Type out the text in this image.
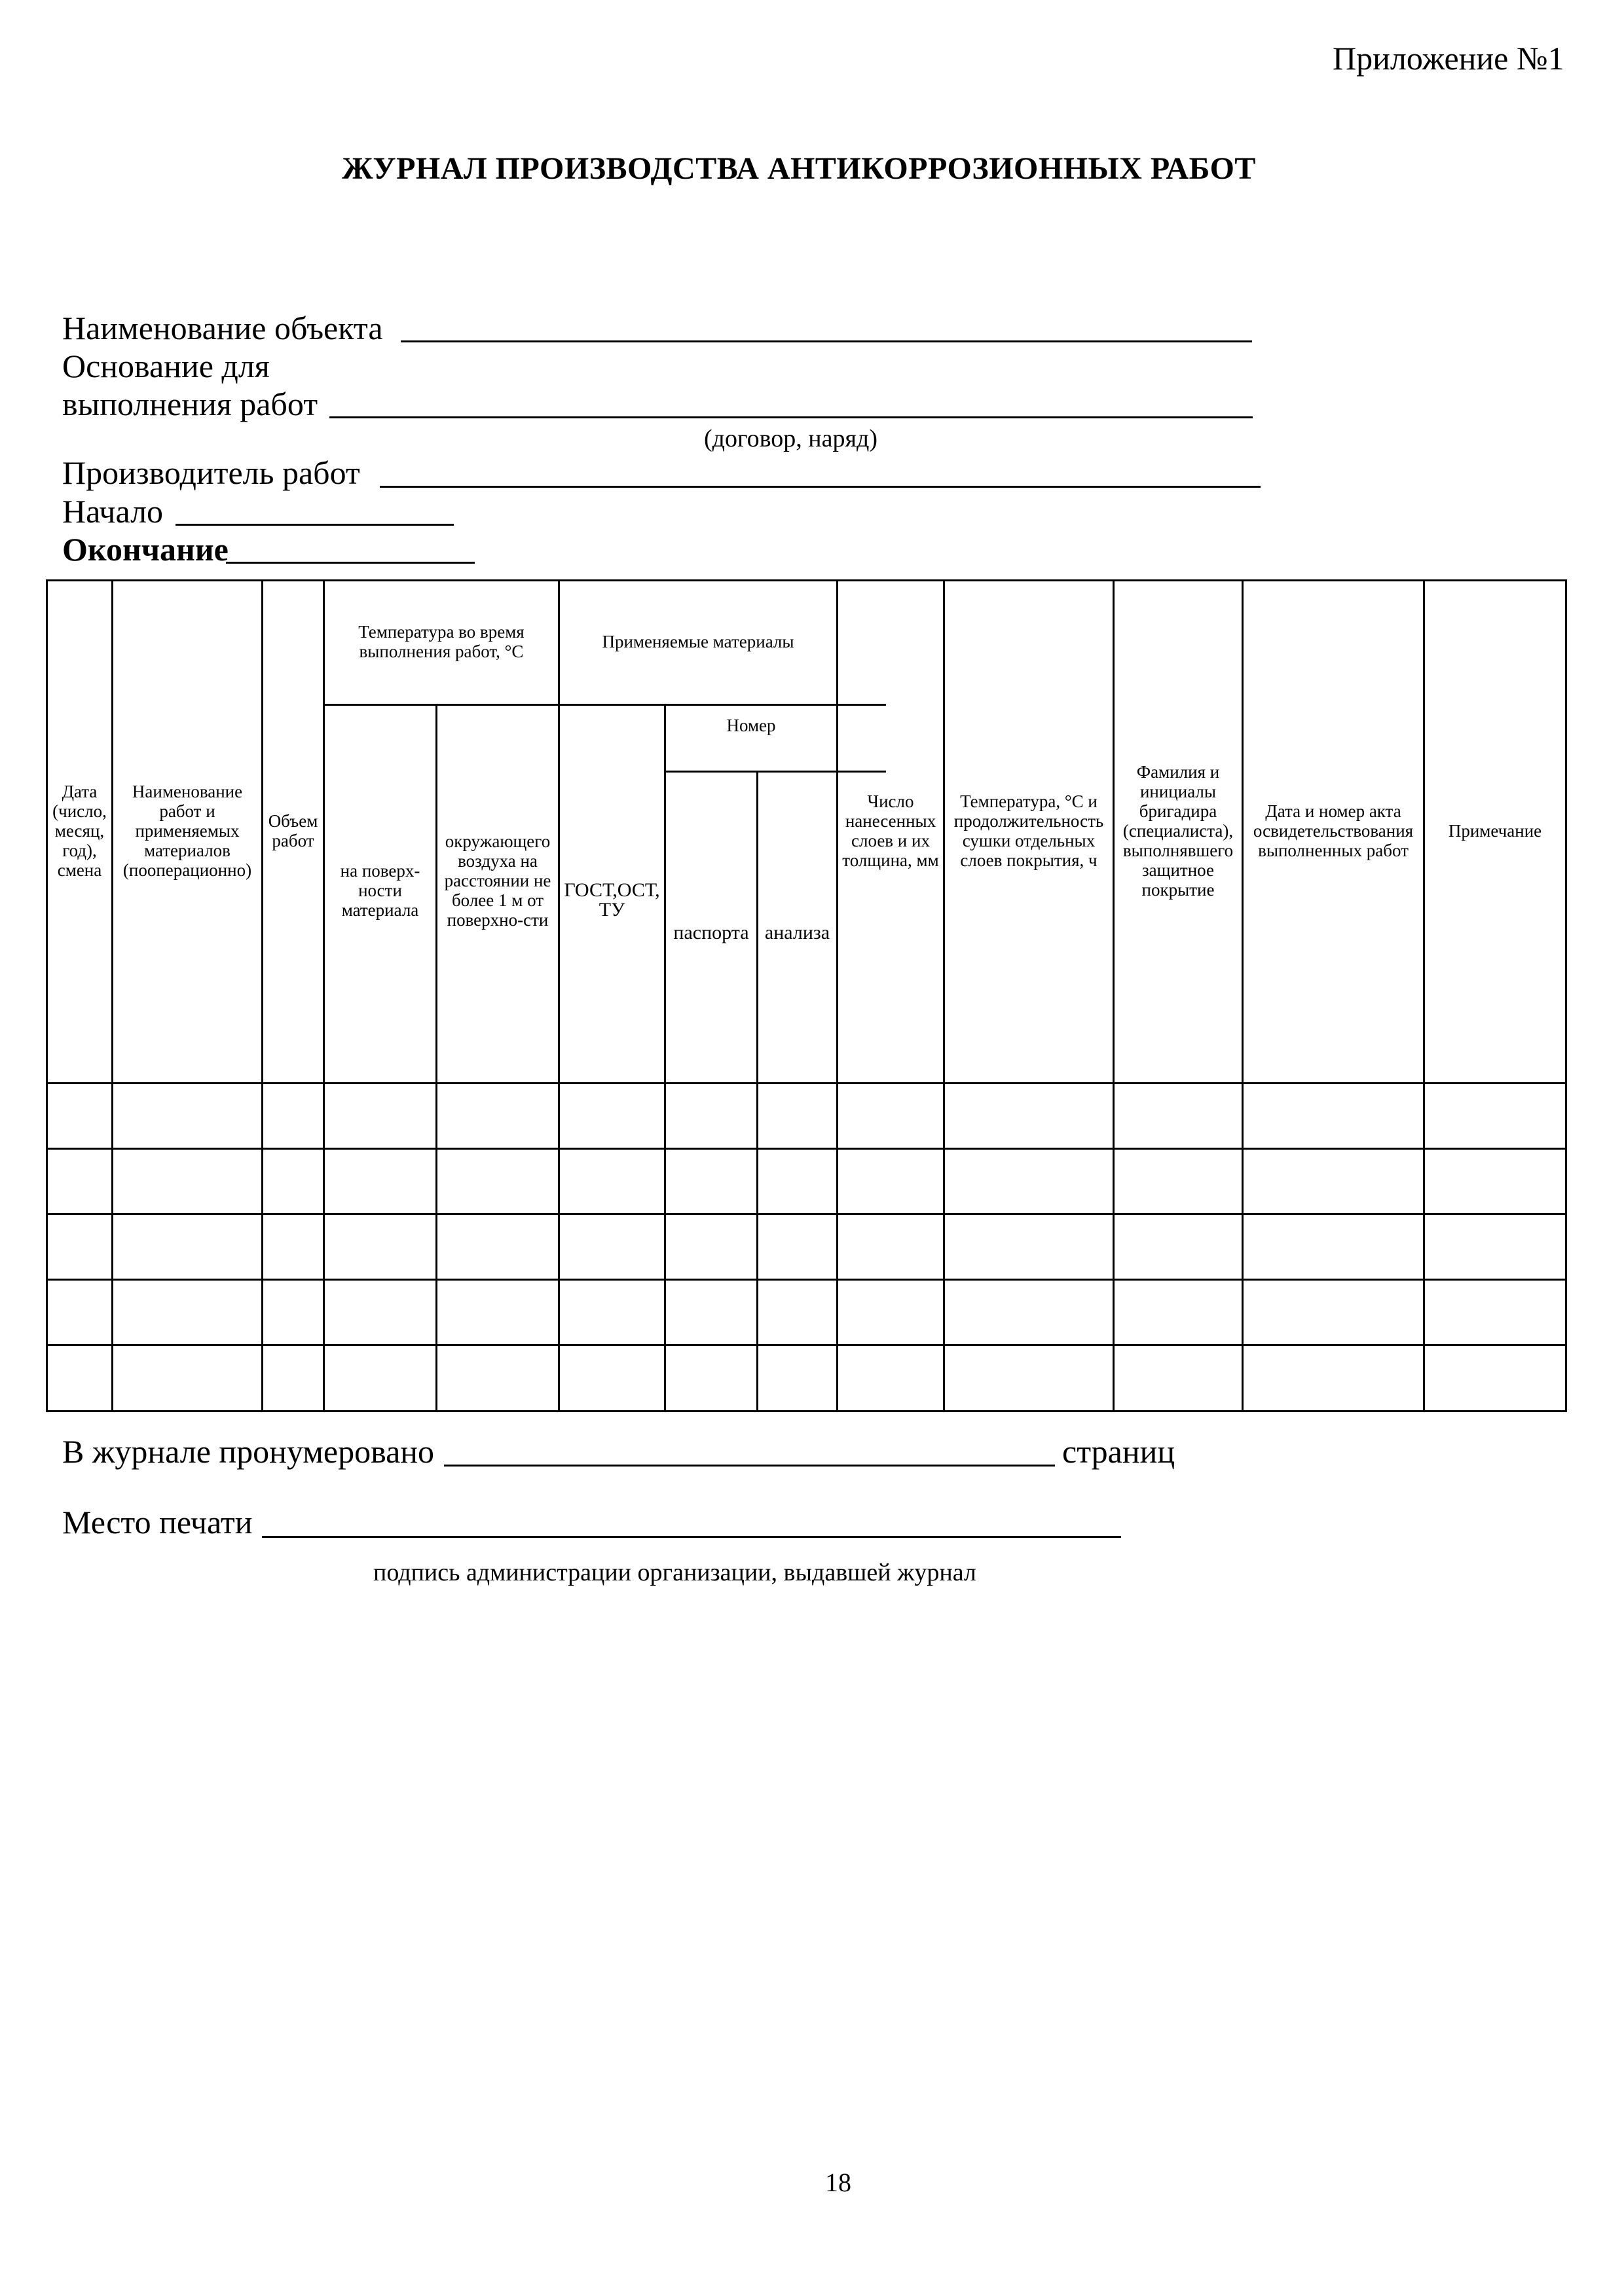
Приложение №1
ЖУРНАЛ ПРОИЗВОДСТВА АНТИКОРРОЗИОННЫХ РАБОТ
Наименование объекта
Основание для
выполнения работ
(договор, наряд)
Производитель работ
Начало
Окончание
Дата (число, месяц, год), смена
Наименование работ и применяемых материалов (пооперационно)
Объем работ
Температура во время выполнения работ, °С
на поверх-ности материала
окружающего воздуха на расстоянии не более 1 м от поверхно-сти
Применяемые материалы
ГОСТ,ОСТ, ТУ
Номер
паспорта анализа
Число нанесенных слоев и их толщина, мм
Температура, °С и продолжительность сушки отдельных слоев покрытия, ч
Фамилия и инициалы бригадира (специалиста), выполнявшего защитное покрытие
Дата и номер акта освидетельствования выполненных работ
Примечание
В журнале пронумеровано	страниц
Место печати
подпись администрации организации, выдавшей журнал
18
